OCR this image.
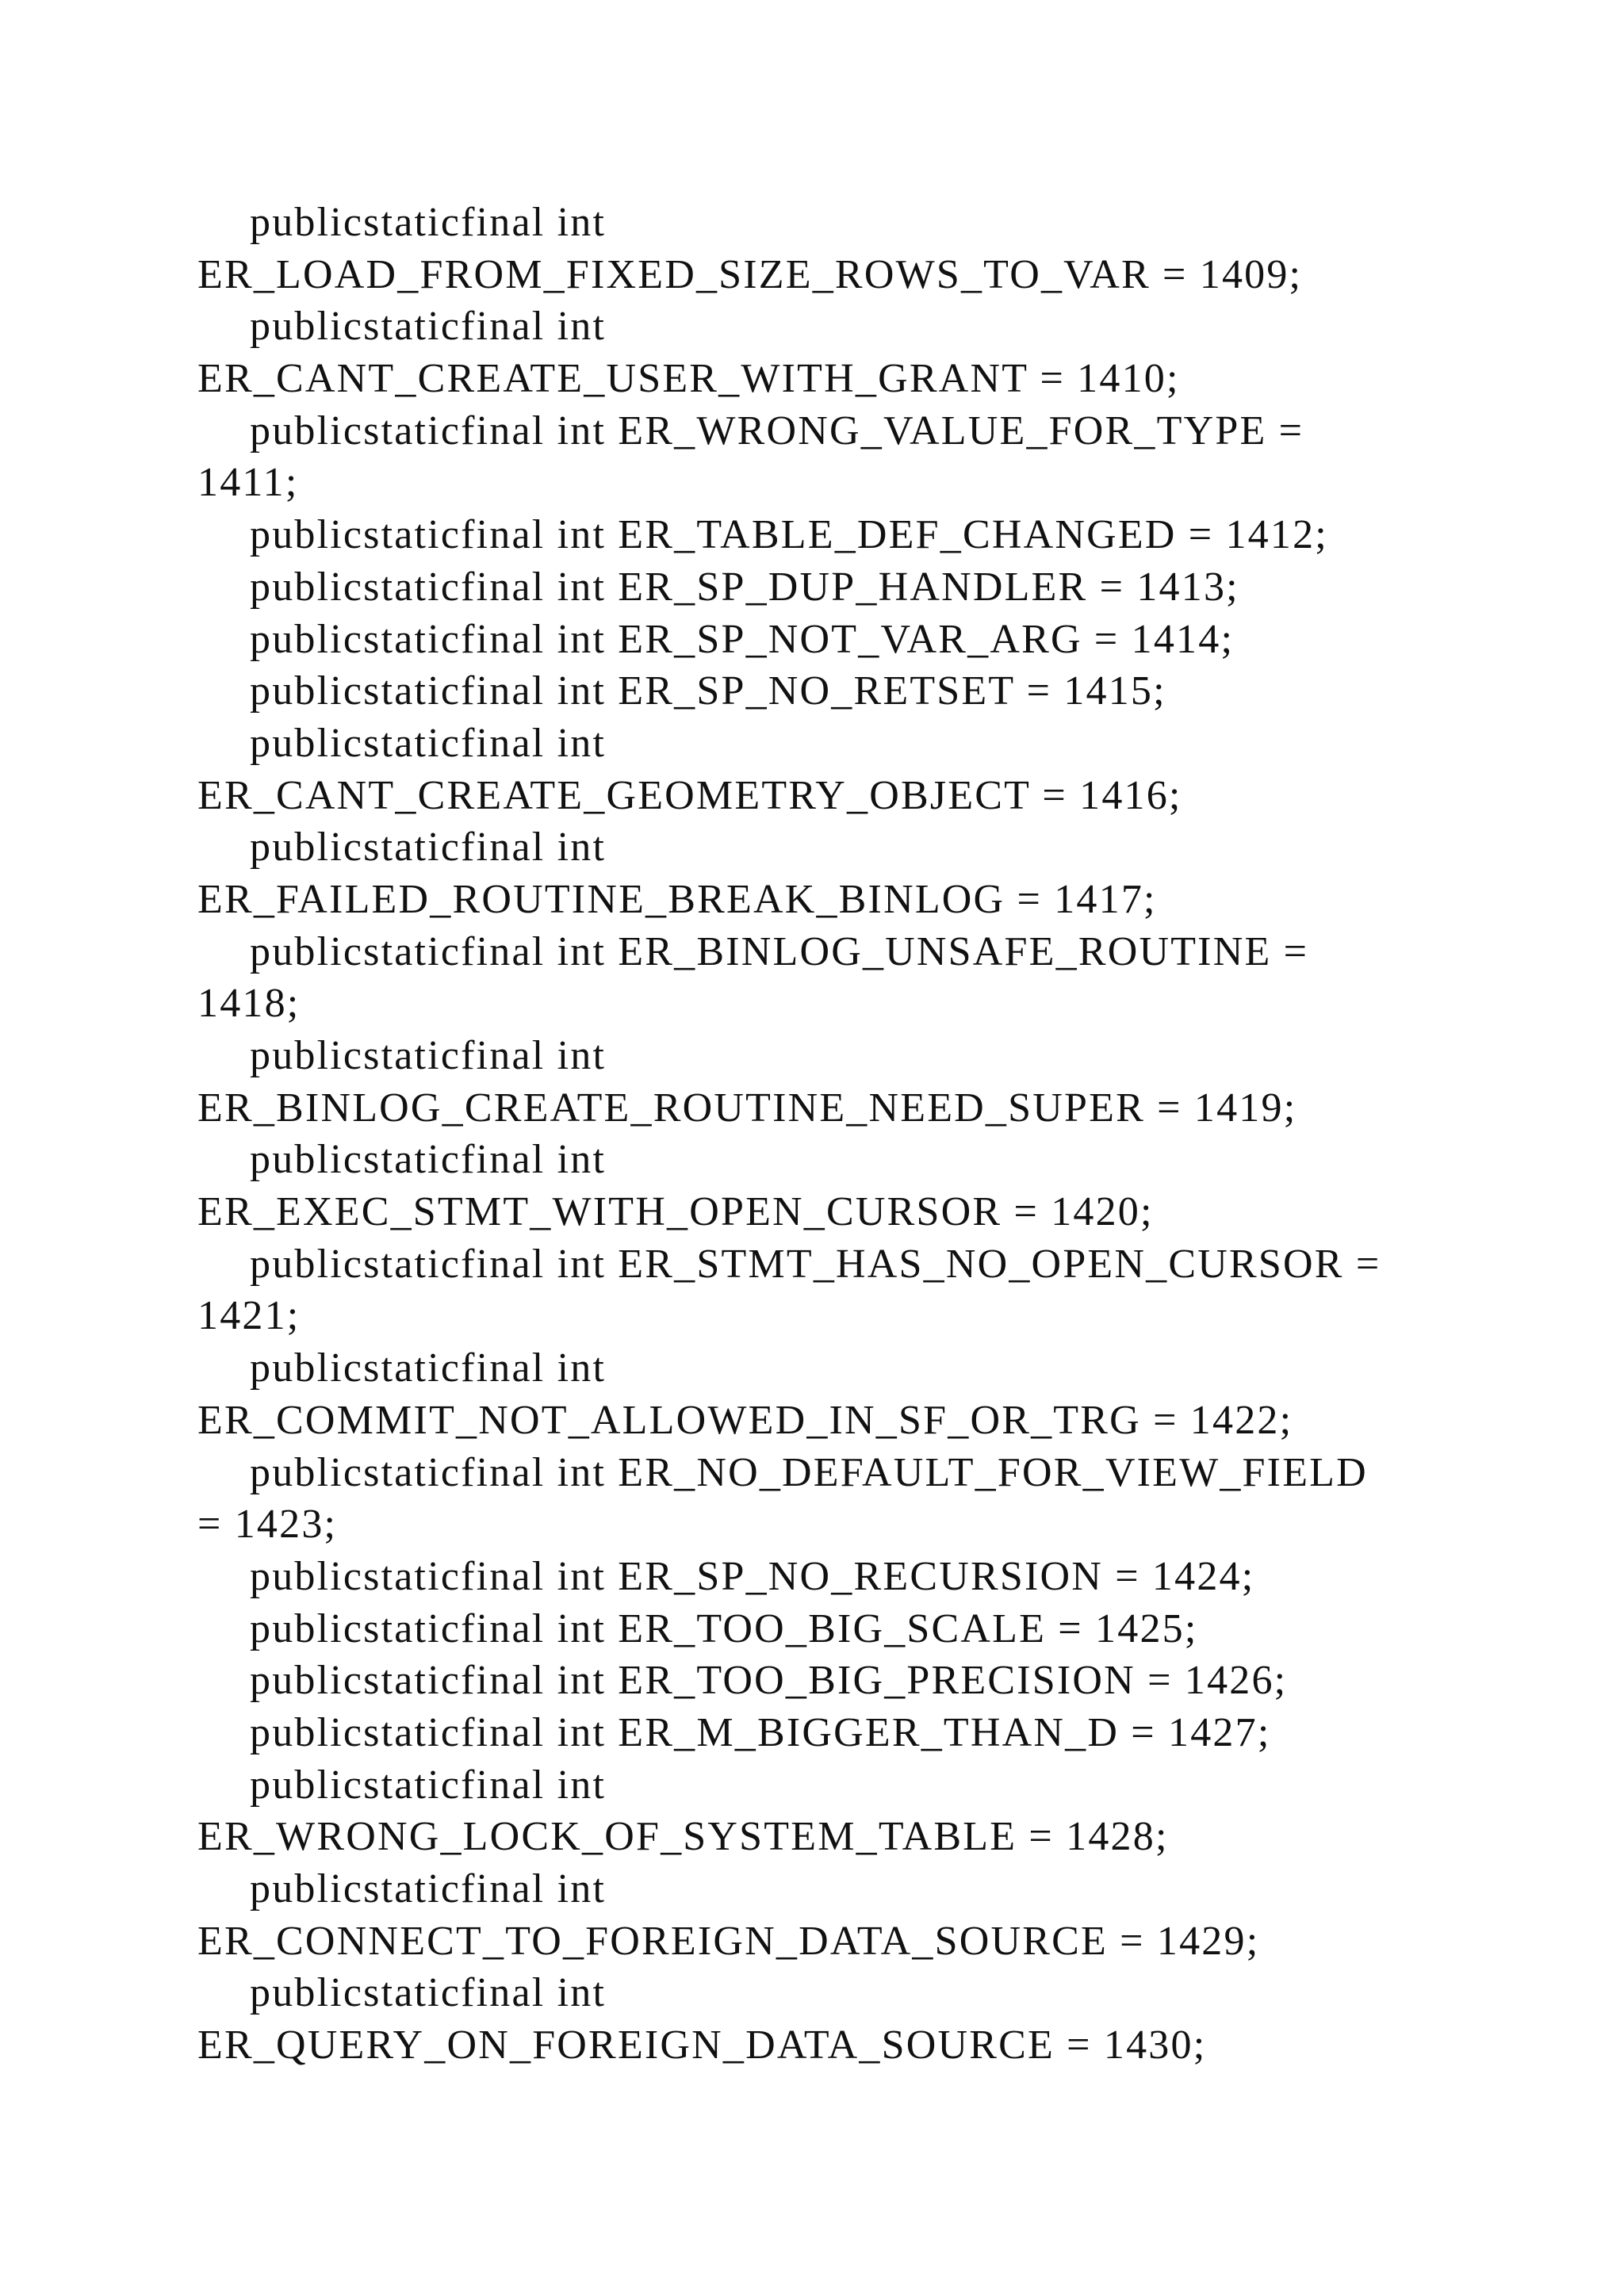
publicstaticfinal int
ER_LOAD_FROM_FIXED_SIZE_ROWS_TO_VAR = 1409;
publicstaticfinal int
ER_CANT_CREATE_USER_WITH_GRANT = 1410;
publicstaticfinal int ER_WRONG_VALUE_FOR_TYPE =
1411;
publicstaticfinal int ER_TABLE_DEF_CHANGED = 1412;
publicstaticfinal int ER_SP_DUP_HANDLER = 1413;
publicstaticfinal int ER_SP_NOT_VAR_ARG = 1414;
publicstaticfinal int ER_SP_NO_RETSET = 1415;
publicstaticfinal int
ER_CANT_CREATE_GEOMETRY_OBJECT = 1416;
publicstaticfinal int
ER_FAILED_ROUTINE_BREAK_BINLOG = 1417;
publicstaticfinal int ER_BINLOG_UNSAFE_ROUTINE =
1418;
publicstaticfinal int
ER_BINLOG_CREATE_ROUTINE_NEED_SUPER = 1419;
publicstaticfinal int
ER_EXEC_STMT_WITH_OPEN_CURSOR = 1420;
publicstaticfinal int ER_STMT_HAS_NO_OPEN_CURSOR =
1421;
publicstaticfinal int
ER_COMMIT_NOT_ALLOWED_IN_SF_OR_TRG = 1422;
publicstaticfinal int ER_NO_DEFAULT_FOR_VIEW_FIELD
= 1423;
publicstaticfinal int ER_SP_NO_RECURSION = 1424;
publicstaticfinal int ER_TOO_BIG_SCALE = 1425;
publicstaticfinal int ER_TOO_BIG_PRECISION = 1426;
publicstaticfinal int ER_M_BIGGER_THAN_D = 1427;
publicstaticfinal int
ER_WRONG_LOCK_OF_SYSTEM_TABLE = 1428;
publicstaticfinal int
ER_CONNECT_TO_FOREIGN_DATA_SOURCE = 1429;
publicstaticfinal int
ER_QUERY_ON_FOREIGN_DATA_SOURCE = 1430;
